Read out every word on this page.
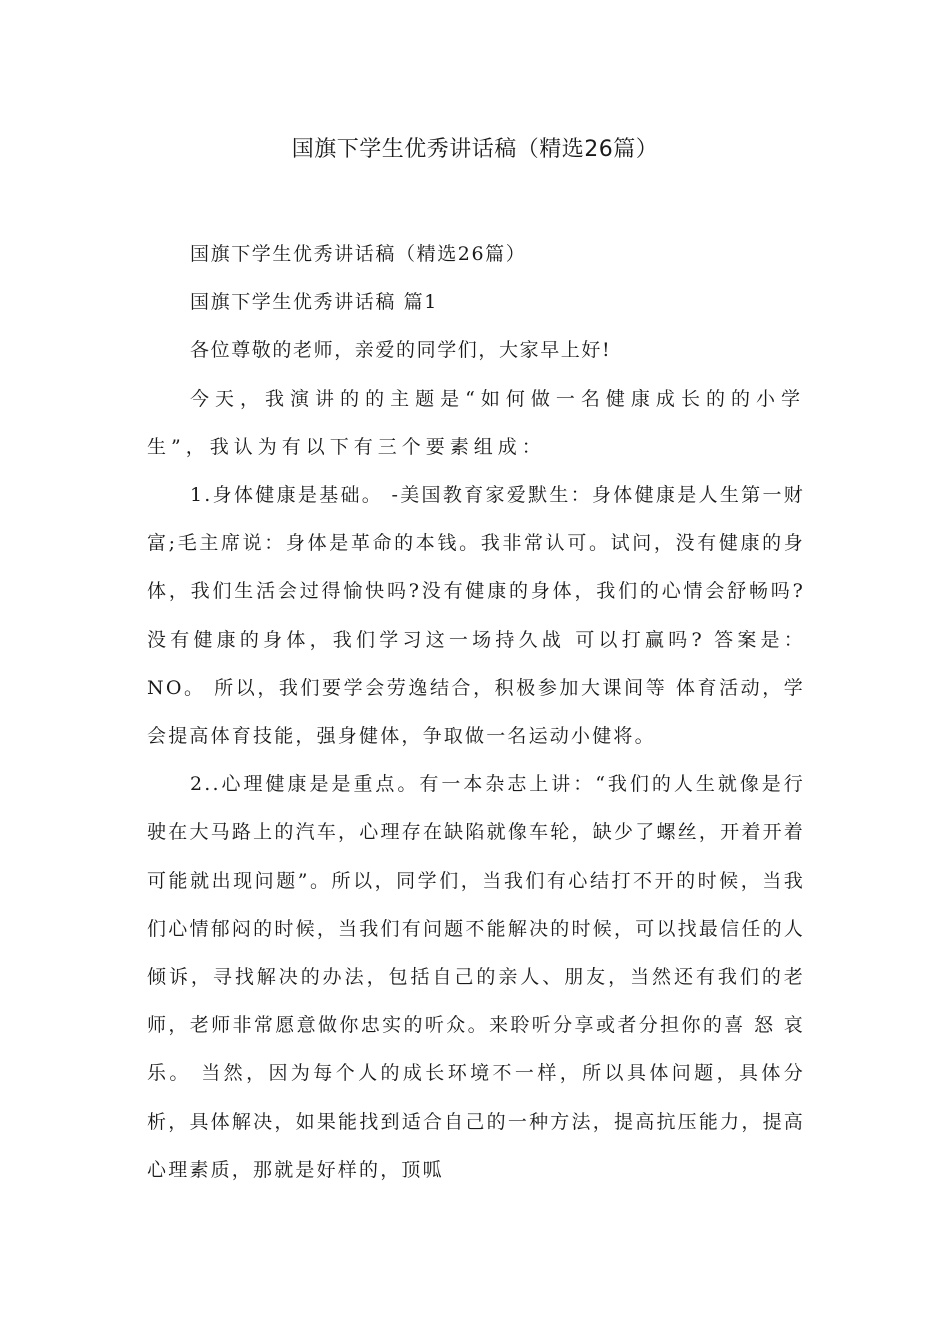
国旗下学生优秀讲话稿（精选26篇）

国旗下学生优秀讲话稿（精选26篇）

国旗下学生优秀讲话稿 篇1

各位尊敬的老师，亲爱的同学们，大家早上好!

今天，我演讲的的主题是“如何做一名健康成长的的小学生”，我认为有以下有三个要素组成：

1.身体健康是基础。 -美国教育家爱默生：身体健康是人生第一财富;毛主席说：身体是革命的本钱。我非常认可。试问，没有健康的身体，我们生活会过得愉快吗?没有健康的身体，我们的心情会舒畅吗?没有健康的身体，我们学习这一场持久战 可以打赢吗? 答案是：NO。 所以，我们要学会劳逸结合，积极参加大课间等 体育活动，学会提高体育技能，强身健体，争取做一名运动小健将。

2..心理健康是是重点。有一本杂志上讲：“我们的人生就像是行驶在大马路上的汽车，心理存在缺陷就像车轮，缺少了螺丝，开着开着可能就出现问题”。所以，同学们，当我们有心结打不开的时候，当我们心情郁闷的时候，当我们有问题不能解决的时候，可以找最信任的人倾诉，寻找解决的办法，包括自己的亲人、朋友，当然还有我们的老师，老师非常愿意做你忠实的听众。来聆听分享或者分担你的喜 怒 哀 乐。 当然，因为每个人的成长环境不一样，所以具体问题，具体分析，具体解决，如果能找到适合自己的一种方法，提高抗压能力，提高心理素质，那就是好样的，顶呱
